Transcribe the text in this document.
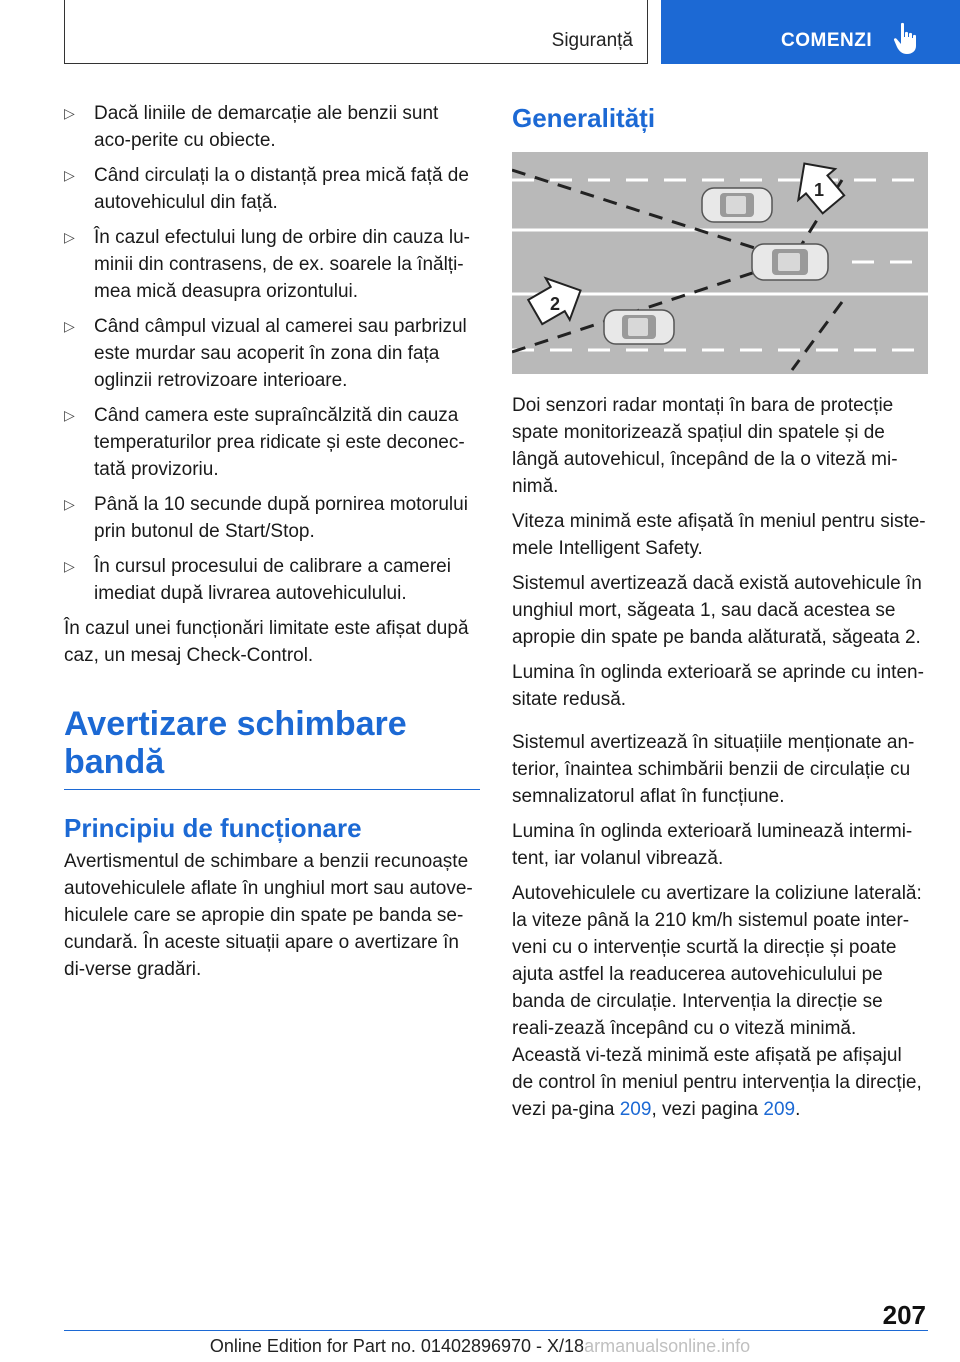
Siguranță	COMENZI
▷ Dacă liniile de demarcație ale benzii sunt aco-perite cu obiecte.
▷ Când circulați la o distanță prea mică față de autovehiculul din față.
▷ În cazul efectului lung de orbire din cauza lu-minii din contrasens, de ex. soarele la înălți-mea mică deasupra orizontului.
▷ Când câmpul vizual al camerei sau parbrizul este murdar sau acoperit în zona din fața oglinzii retrovizoare interioare.
▷ Când camera este supraîncălzită din cauza temperaturilor prea ridicate și este deconec-tată provizoriu.
▷ Până la 10 secunde după pornirea motorului prin butonul de Start/Stop.
▷ În cursul procesului de calibrare a camerei imediat după livrarea autovehiculului.

În cazul unei funcționări limitate este afișat după caz, un mesaj Check-Control.

Avertizare schimbare bandă
Principiu de funcționare

Avertismentul de schimbare a benzii recunoaște autovehiculele aflate în unghiul mort sau autove-hiculele care se apropie din spate pe banda se-cundară. În aceste situații apare o avertizare în di-verse gradări.

Generalități
1
2

Doi senzori radar montați în bara de protecție spate monitorizează spațiul din spatele și de lângă autovehicul, începând de la o viteză mi-nimă.

Viteza minimă este afișată în meniul pentru siste-mele Intelligent Safety.

Sistemul avertizează dacă există autovehicule în unghiul mort, săgeata 1, sau dacă acestea se apropie din spate pe banda alăturată, săgeata 2.

Lumina în oglinda exterioară se aprinde cu inten-sitate redusă.

Sistemul avertizează în situațiile menționate an-terior, înaintea schimbării benzii de circulație cu semnalizatorul aflat în funcțiune.

Lumina în oglinda exterioară luminează intermi-tent, iar volanul vibrează.

Autovehiculele cu avertizare la coliziune laterală: la viteze până la 210 km/h sistemul poate inter-veni cu o intervenție scurtă la direcție și poate ajuta astfel la readucerea autovehiculului pe banda de circulație. Intervenția la direcție se reali-zează începând cu o viteză minimă. Această vi-teză minimă este afișată pe afișajul de control în meniul pentru intervenția la direcție, vezi pa-gina 209, vezi pagina 209.

207
Online Edition for Part no. 01402896970 - X/18armanualsonline.info
